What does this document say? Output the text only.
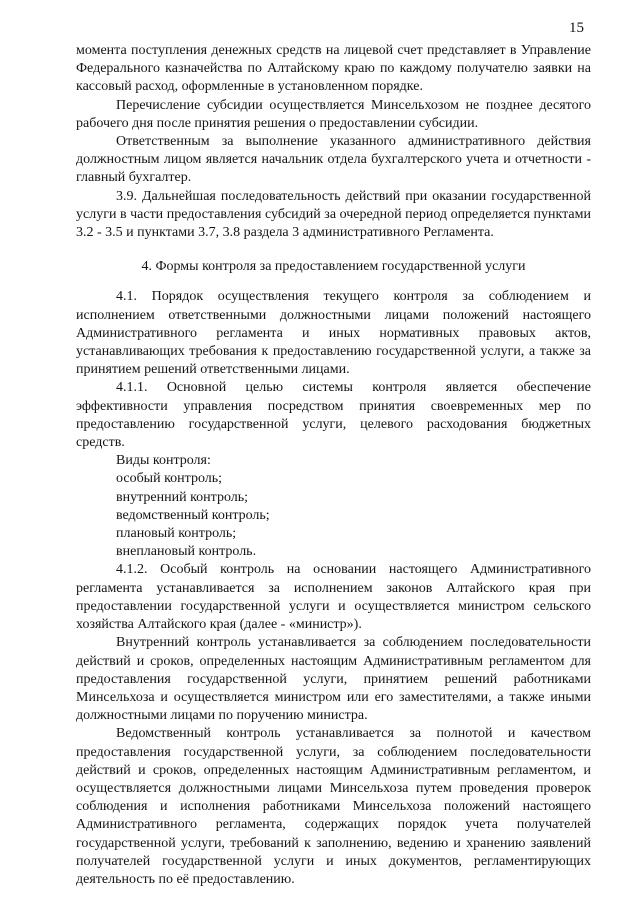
15

момента поступления денежных средств на лицевой счет представляет в Управление Федерального казначейства по Алтайскому краю по каждому получателю заявки на кассовый расход, оформленные в установленном порядке.

Перечисление субсидии осуществляется Минсельхозом не позднее десятого рабочего дня после принятия решения о предоставлении субсидии.

Ответственным за выполнение указанного административного действия должностным лицом является начальник отдела бухгалтерского учета и отчетности - главный бухгалтер.

3.9. Дальнейшая последовательность действий при оказании государственной услуги в части предоставления субсидий за очередной период определяется пунктами 3.2 - 3.5 и пунктами 3.7, 3.8 раздела 3 административного Регламента.

4. Формы контроля за предоставлением государственной услуги

4.1. Порядок осуществления текущего контроля за соблюдением и исполнением ответственными должностными лицами положений настоящего Административного регламента и иных нормативных правовых актов, устанавливающих требования к предоставлению государственной услуги, а также за принятием решений ответственными лицами.

4.1.1. Основной целью системы контроля является обеспечение эффективности управления посредством принятия своевременных мер по предоставлению государственной услуги, целевого расходования бюджетных средств.

Виды контроля:
особый контроль;
внутренний контроль;
ведомственный контроль;
плановый контроль;
внеплановый контроль.

4.1.2. Особый контроль на основании настоящего Административного регламента устанавливается за исполнением законов Алтайского края при предоставлении государственной услуги и осуществляется министром сельского хозяйства Алтайского края (далее - «министр»).

Внутренний контроль устанавливается за соблюдением последовательности действий и сроков, определенных настоящим Административным регламентом для предоставления государственной услуги, принятием решений работниками Минсельхоза и осуществляется министром или его заместителями, а также иными должностными лицами по поручению министра.

Ведомственный контроль устанавливается за полнотой и качеством предоставления государственной услуги, за соблюдением последовательности действий и сроков, определенных настоящим Административным регламентом, и осуществляется должностными лицами Минсельхоза путем проведения проверок соблюдения и исполнения работниками Минсельхоза положений настоящего Административного регламента, содержащих порядок учета получателей государственной услуги, требований к заполнению, ведению и хранению заявлений получателей государственной услуги и иных документов, регламентирующих деятельность по её предоставлению.
